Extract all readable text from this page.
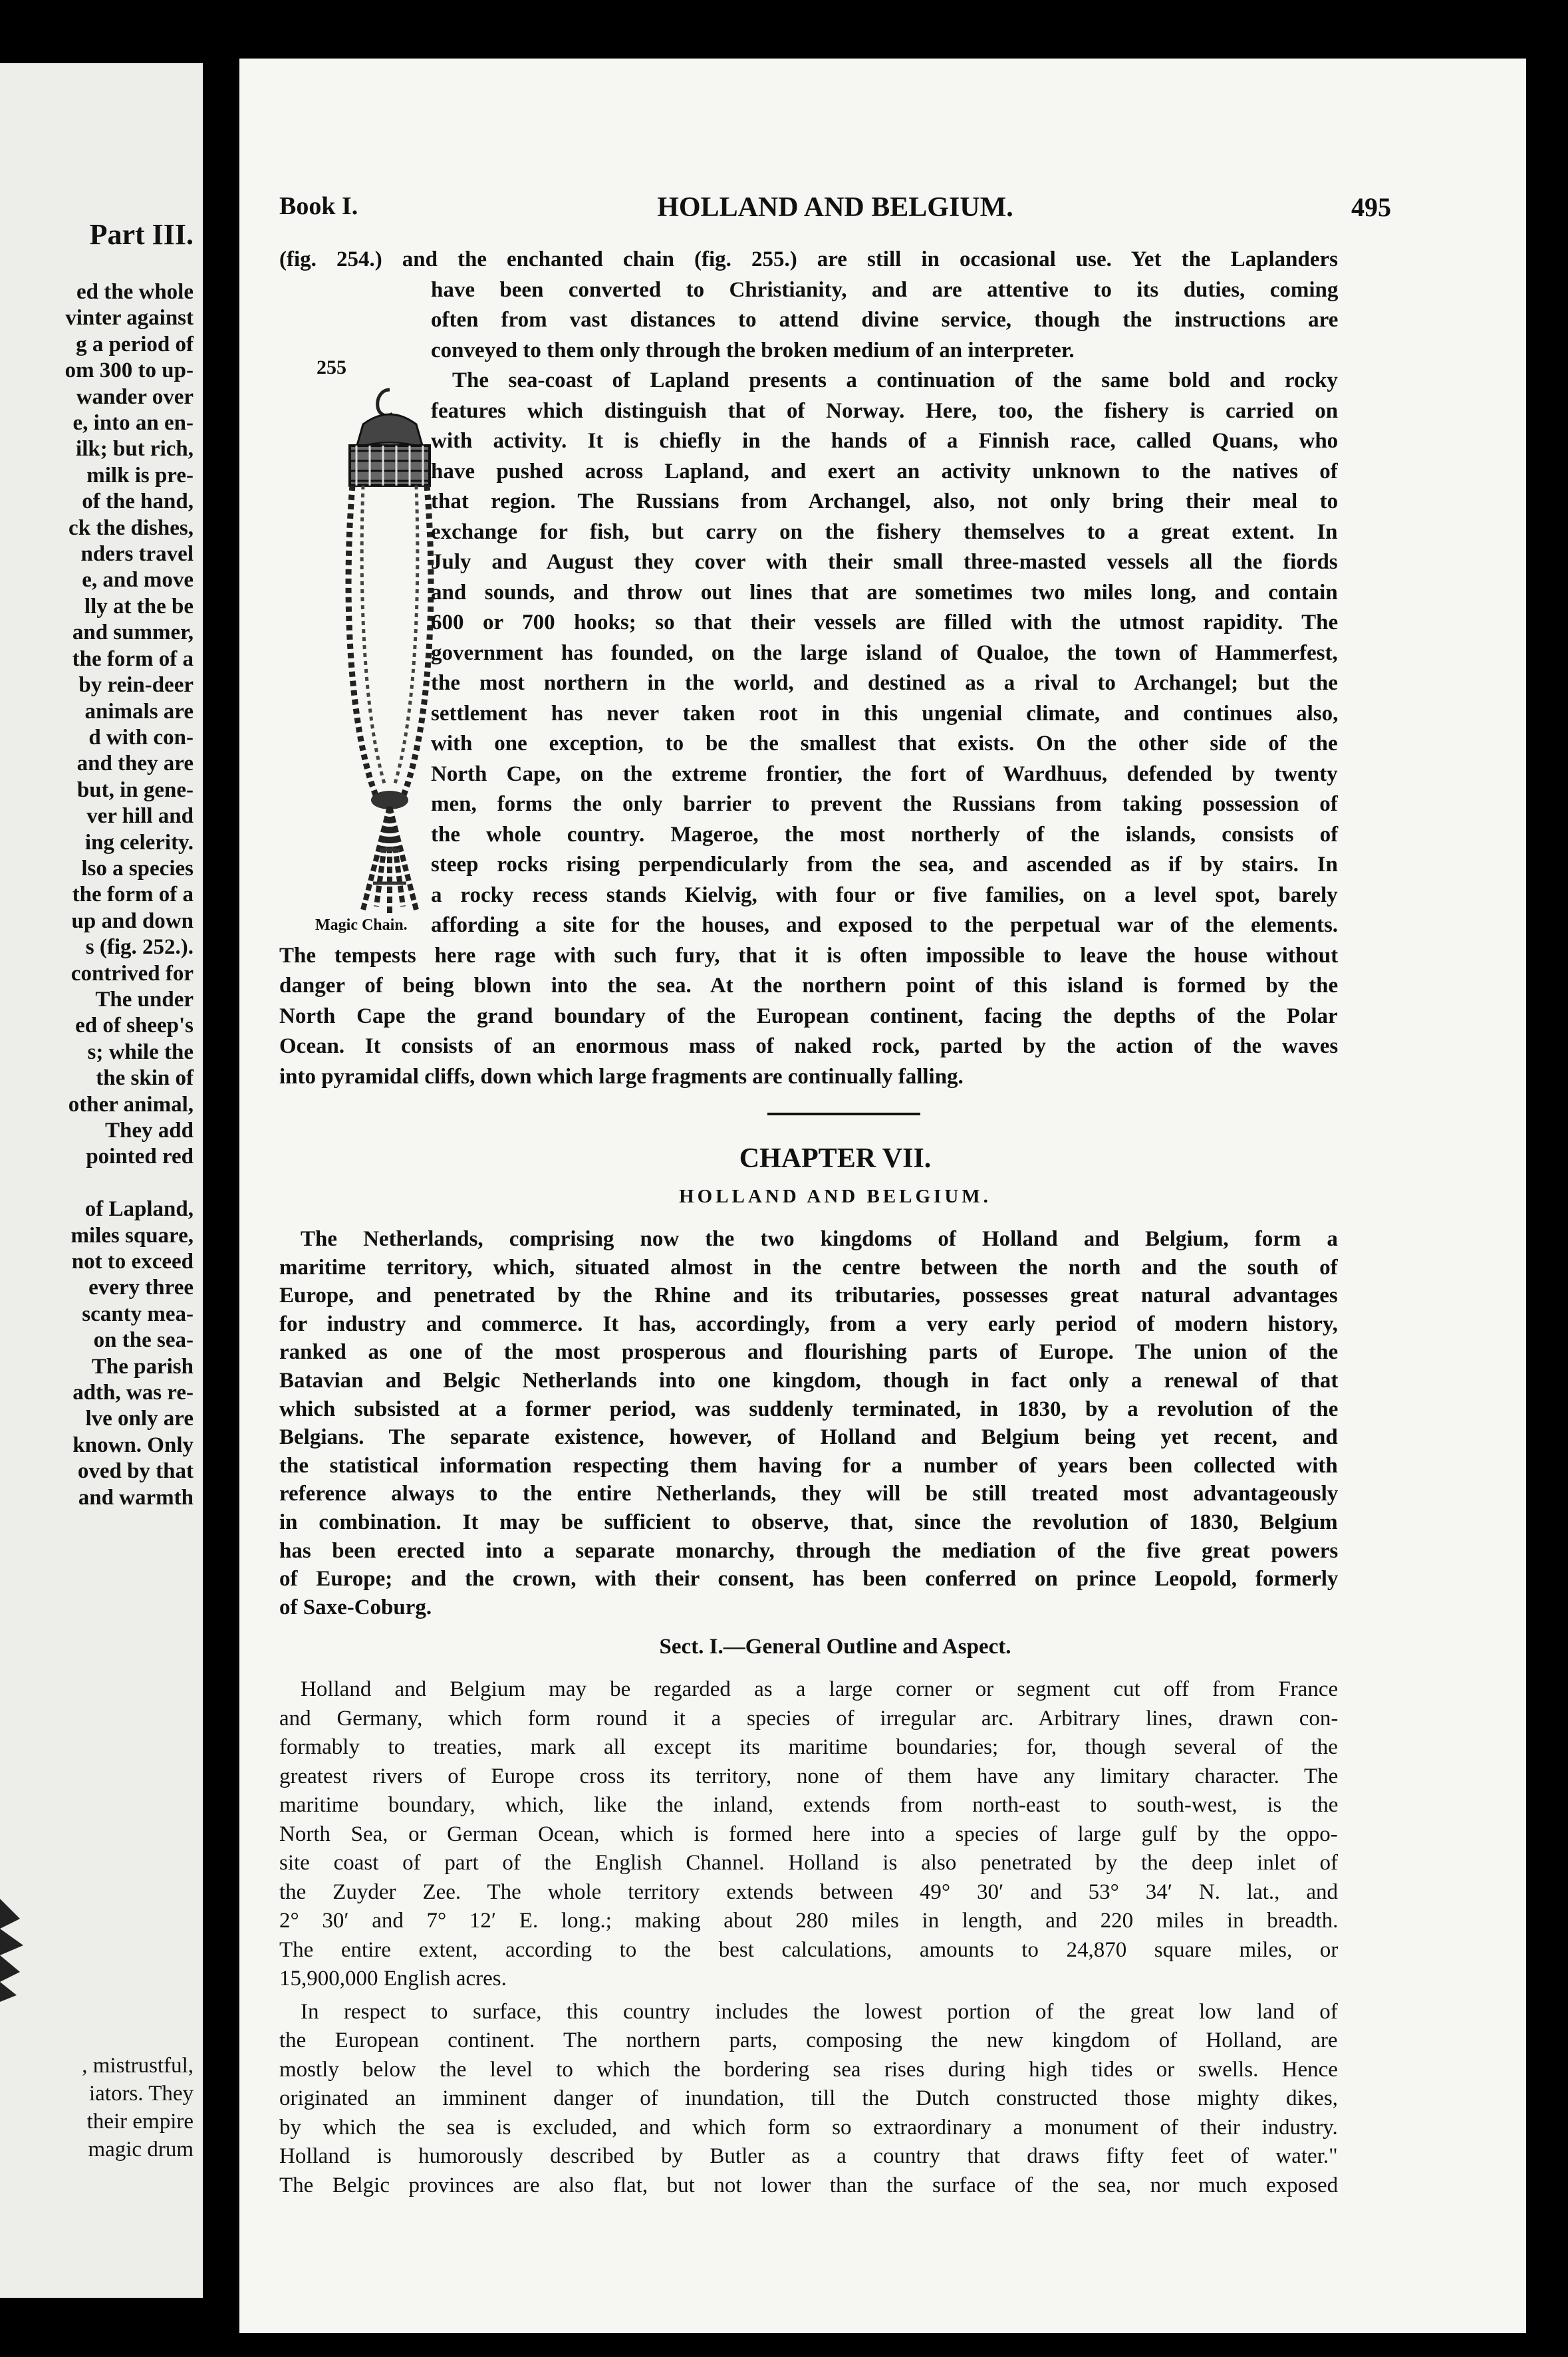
Part III.
ed the whole
vinter against
g a period of
om 300 to up-
wander over
e, into an en-
ilk; but rich,
milk is pre-
of the hand,
ck the dishes,
nders travel
e, and move
lly at the be
and summer,
the form of a
by rein-deer
animals are
d with con-
and they are
but, in gene-
ver hill and
ing celerity.
lso a species
the form of a
up and down
s (fig. 252.).
contrived for
The under
ed of sheep's
s; while the
the skin of
other animal,
They add
pointed red

of Lapland,
miles square,
not to exceed
every three
scanty mea-
on the sea-
The parish
adth, was re-
lve only are
known. Only
oved by that
and warmth
, mistrustful,
iators. They
their empire
magic drum
Book I.	HOLLAND AND BELGIUM.	495
255
Magic Chain.
(fig. 254.) and the enchanted chain (fig. 255.) are still in occasional use. Yet the Laplanders
have been converted to Christianity, and are attentive to its duties, coming
often from vast distances to attend divine service, though the instructions are
conveyed to them only through the broken medium of an interpreter.
The sea-coast of Lapland presents a continuation of the same bold and rocky
features which distinguish that of Norway. Here, too, the fishery is carried on
with activity. It is chiefly in the hands of a Finnish race, called Quans, who
have pushed across Lapland, and exert an activity unknown to the natives of
that region. The Russians from Archangel, also, not only bring their meal to
exchange for fish, but carry on the fishery themselves to a great extent. In
July and August they cover with their small three-masted vessels all the fiords
and sounds, and throw out lines that are sometimes two miles long, and contain
600 or 700 hooks; so that their vessels are filled with the utmost rapidity. The
government has founded, on the large island of Qualoe, the town of Hammerfest,
the most northern in the world, and destined as a rival to Archangel; but the
settlement has never taken root in this ungenial climate, and continues also,
with one exception, to be the smallest that exists. On the other side of the
North Cape, on the extreme frontier, the fort of Wardhuus, defended by twenty
men, forms the only barrier to prevent the Russians from taking possession of
the whole country. Mageroe, the most northerly of the islands, consists of
steep rocks rising perpendicularly from the sea, and ascended as if by stairs. In
a rocky recess stands Kielvig, with four or five families, on a level spot, barely
affording a site for the houses, and exposed to the perpetual war of the elements.
The tempests here rage with such fury, that it is often impossible to leave the house without
danger of being blown into the sea. At the northern point of this island is formed by the
North Cape the grand boundary of the European continent, facing the depths of the Polar
Ocean. It consists of an enormous mass of naked rock, parted by the action of the waves
into pyramidal cliffs, down which large fragments are continually falling.
CHAPTER VII.
HOLLAND AND BELGIUM.
The Netherlands, comprising now the two kingdoms of Holland and Belgium, form a
maritime territory, which, situated almost in the centre between the north and the south of
Europe, and penetrated by the Rhine and its tributaries, possesses great natural advantages
for industry and commerce. It has, accordingly, from a very early period of modern history,
ranked as one of the most prosperous and flourishing parts of Europe. The union of the
Batavian and Belgic Netherlands into one kingdom, though in fact only a renewal of that
which subsisted at a former period, was suddenly terminated, in 1830, by a revolution of the
Belgians. The separate existence, however, of Holland and Belgium being yet recent, and
the statistical information respecting them having for a number of years been collected with
reference always to the entire Netherlands, they will be still treated most advantageously
in combination. It may be sufficient to observe, that, since the revolution of 1830, Belgium
has been erected into a separate monarchy, through the mediation of the five great powers
of Europe; and the crown, with their consent, has been conferred on prince Leopold, formerly
of Saxe-Coburg.
Sect. I.—General Outline and Aspect.
Holland and Belgium may be regarded as a large corner or segment cut off from France
and Germany, which form round it a species of irregular arc. Arbitrary lines, drawn con-
formably to treaties, mark all except its maritime boundaries; for, though several of the
greatest rivers of Europe cross its territory, none of them have any limitary character. The
maritime boundary, which, like the inland, extends from north-east to south-west, is the
North Sea, or German Ocean, which is formed here into a species of large gulf by the oppo-
site coast of part of the English Channel. Holland is also penetrated by the deep inlet of
the Zuyder Zee. The whole territory extends between 49° 30′ and 53° 34′ N. lat., and
2° 30′ and 7° 12′ E. long.; making about 280 miles in length, and 220 miles in breadth.
The entire extent, according to the best calculations, amounts to 24,870 square miles, or
15,900,000 English acres.
In respect to surface, this country includes the lowest portion of the great low land of
the European continent. The northern parts, composing the new kingdom of Holland, are
mostly below the level to which the bordering sea rises during high tides or swells. Hence
originated an imminent danger of inundation, till the Dutch constructed those mighty dikes,
by which the sea is excluded, and which form so extraordinary a monument of their industry.
Holland is humorously described by Butler as a country that draws fifty feet of water."
The Belgic provinces are also flat, but not lower than the surface of the sea, nor much exposed
